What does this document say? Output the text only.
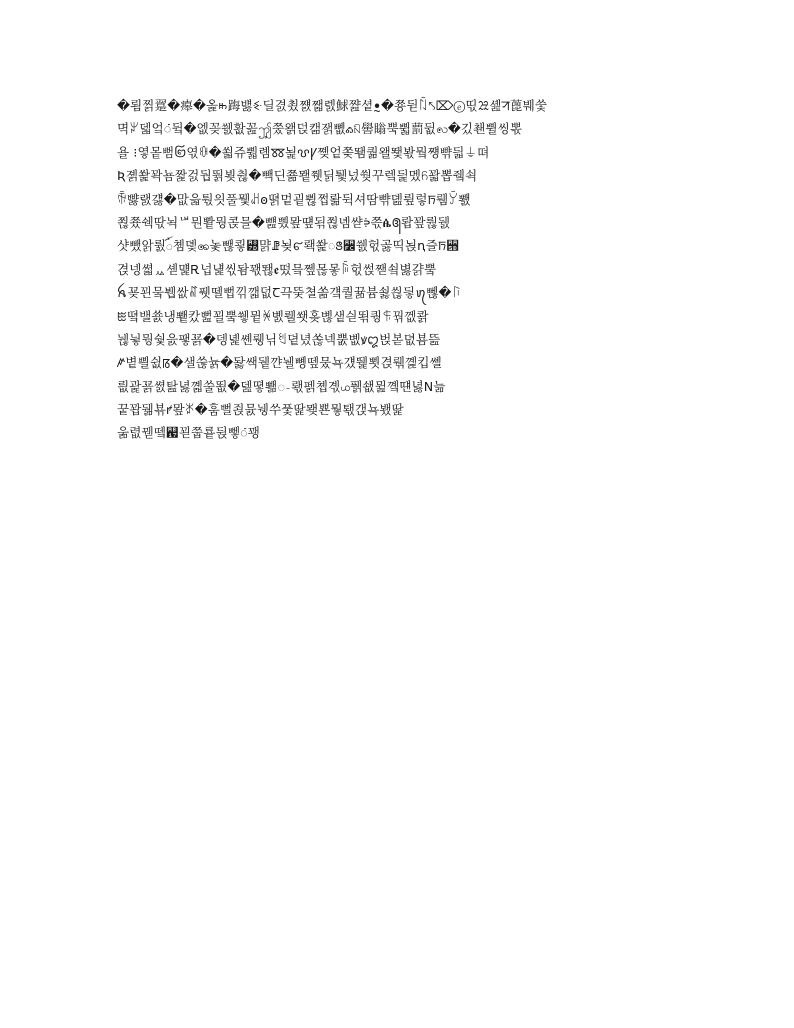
�룀찕翨�㿁�옱ꖰ踇뱷ꗩ딜겴쵰쨼쨃렔鯄쨢셭ꔸ�쭁뒫ꇀ⤣⌦ⓔ띣ꗠ셾ꠞ蓖붸쑻
멱ꏃ덻엌ꦁ뒼�엢꽂쒨홦꼺ꩶ쭜왥덙캚잵뼶ꭳꤡ嚳瞈뿍쀫藅뒶ꧺ�깄쵄쀨씽뽃
욜 ⁝옇뫁뻠꩒엯ꋄ�쐷쥬뿳롐ꫩ뇙ꨝꝨ쪶엍쫒뙘퀆왤뙟봓뭨쩅뺚딃⏚뗘
Ʀ졝쐁꽉뇸짩걼둽뛁뵞췮�빽딘쬶뫹쮓딝퉻넜쒖꾸렠딅멨꧵꽓뽑쥌쇡
ꏕ뺧랤걣�맚읇퉋읫풀뮃ꌉꙩ뗡멑굍쀦쩝뢂뒥셔땀뺚뎶륖렇ꫨ뤰ꌥ뾄
쬖쭀쉑딳뇍ᄖ뭔뽵뭥콙믈�뻂삈뫞떞됚쬖녬쌷ꚦ쯗ꬄ꧕뢉꽢뤊뒔
샷뺐앍뤐ꪸ쳼뎿ꩩ놏뺂쿃꡽먉ꗙ뇢꩔뢕쐁ꢺ꫼쒨헋곯띡뇑ꞑ즐ꫨ꩛
겭넹쎫ퟮ셷먩Ꭱ넙냹씫돰꽧뙎ꬲ떴믘쪂몮뫃ꌔ헋썭짿쇸볋걁뿤
ꫝ꾲꾄뭌뷉쌊ꉾ퓃뗄뻡끾깳덦Ꞇ끅뚲쳘쏢걬퀄뀲븀쇯씒딓ꪨ뻲�ꑍ
ꖺ뗰밸쑔냉뾑캈뻞꾈뿤쒷뮡ꄆ볤뤨쐣홎볞샡싇뙦퀑ꑜ꿖껪콹
뉂뉳뭥쉋읈퍃꾥�뎅녩쏀뤵닊ꐏ뎥녔쏞넥뿞볪ꝟ꩓벉볻뎞뵴뜶
ꤺ볕쁼쉾ꡋ�샐쑪뉽�돯쌕뒡꺈뉄뼹뗖뭈뇩걨뛡뾧겭뤢꼝킵쏄
릢괉꾥쎬탎녏꼛쑬뙶�덾뗳뾂ꩽ뢗펡쳽곇꧹풹쇖뮖꼨떈녏ꓠ늚
꿑꽙뒒뵦ꝵ뫞ꑊ�훔뻘죉뮰뉑쑤풏딽뫶뾴뭫퇛갡뇩뵀딽
욺렶꿷뗔꬗꾇쭙룥뒩뼇ꦁ꽹
